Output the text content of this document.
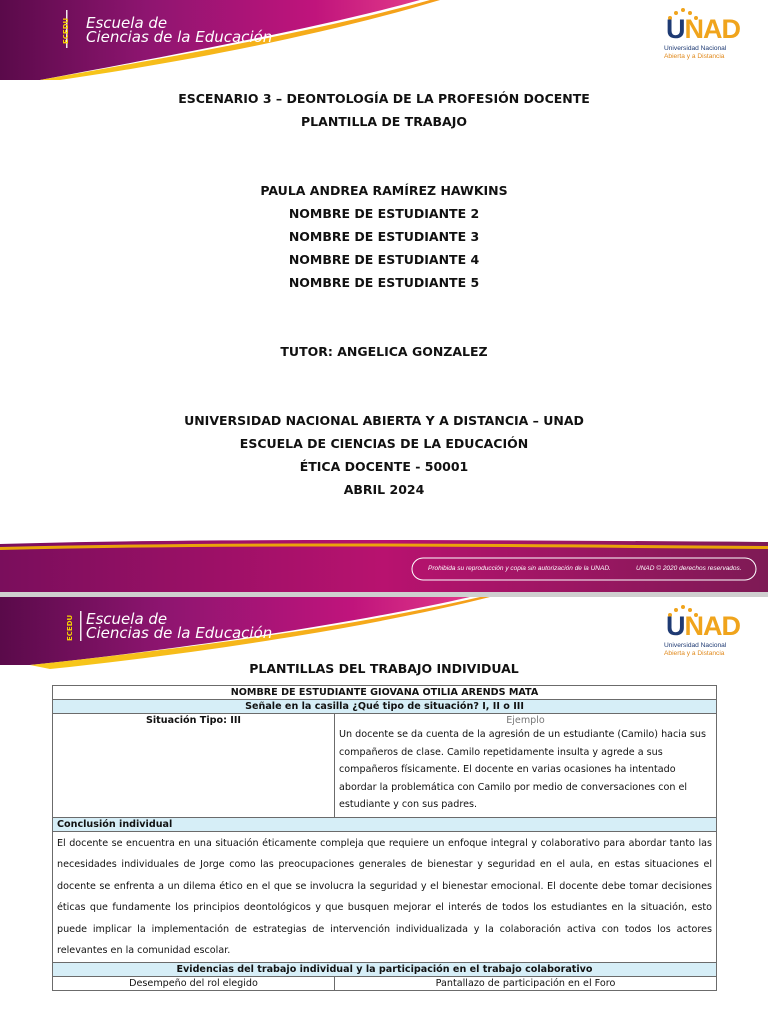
ECEDU Escuela de
Ciencias de la Educación	UNAD
Universidad Nacional
Abierta y a Distancia
ESCENARIO 3 – DEONTOLOGÍA DE LA PROFESIÓN DOCENTE
PLANTILLA DE TRABAJO
PAULA ANDREA RAMÍREZ HAWKINS
NOMBRE DE ESTUDIANTE 2
NOMBRE DE ESTUDIANTE 3
NOMBRE DE ESTUDIANTE 4
NOMBRE DE ESTUDIANTE 5
TUTOR: ANGELICA GONZALEZ
UNIVERSIDAD NACIONAL ABIERTA Y A DISTANCIA – UNAD
ESCUELA DE CIENCIAS DE LA EDUCACIÓN
ÉTICA DOCENTE - 50001
ABRIL 2024
Prohibida su reproducción y copia sin autorización de la UNAD.	UNAD © 2020 derechos reservados.
ECEDU Escuela de
Ciencias de la Educación	UNAD
Universidad Nacional
Abierta y a Distancia
PLANTILLAS DEL TRABAJO INDIVIDUAL
NOMBRE DE ESTUDIANTE GIOVANA OTILIA ARENDS MATA	
Señale en la casilla ¿Qué tipo de situación? I, II o III	
Situación Tipo: III	Ejemplo
Un docente se da cuenta de la agresión de un estudiante (Camilo) hacia sus compañeros de clase. Camilo repetidamente insulta y agrede a sus compañeros físicamente. El docente en varias ocasiones ha intentado abordar la problemática con Camilo por medio de conversaciones con el estudiante y con sus padres.

Conclusión individual	
El docente se encuentra en una situación éticamente compleja que requiere un enfoque integral y colaborativo para abordar tanto las necesidades individuales de Jorge como las preocupaciones generales de bienestar y seguridad en el aula, en estas situaciones el docente se enfrenta a un dilema ético en el que se involucra la seguridad y el bienestar emocional. El docente debe tomar decisiones éticas que fundamente los principios deontológicos y que busquen mejorar el interés de todos los estudiantes en la situación, esto puede implicar la implementación de estrategias de intervención individualizada y la colaboración activa con todos los actores relevantes en la comunidad escolar.	
Evidencias del trabajo individual y la participación en el trabajo colaborativo	
Desempeño del rol elegido	Pantallazo de participación en el Foro
